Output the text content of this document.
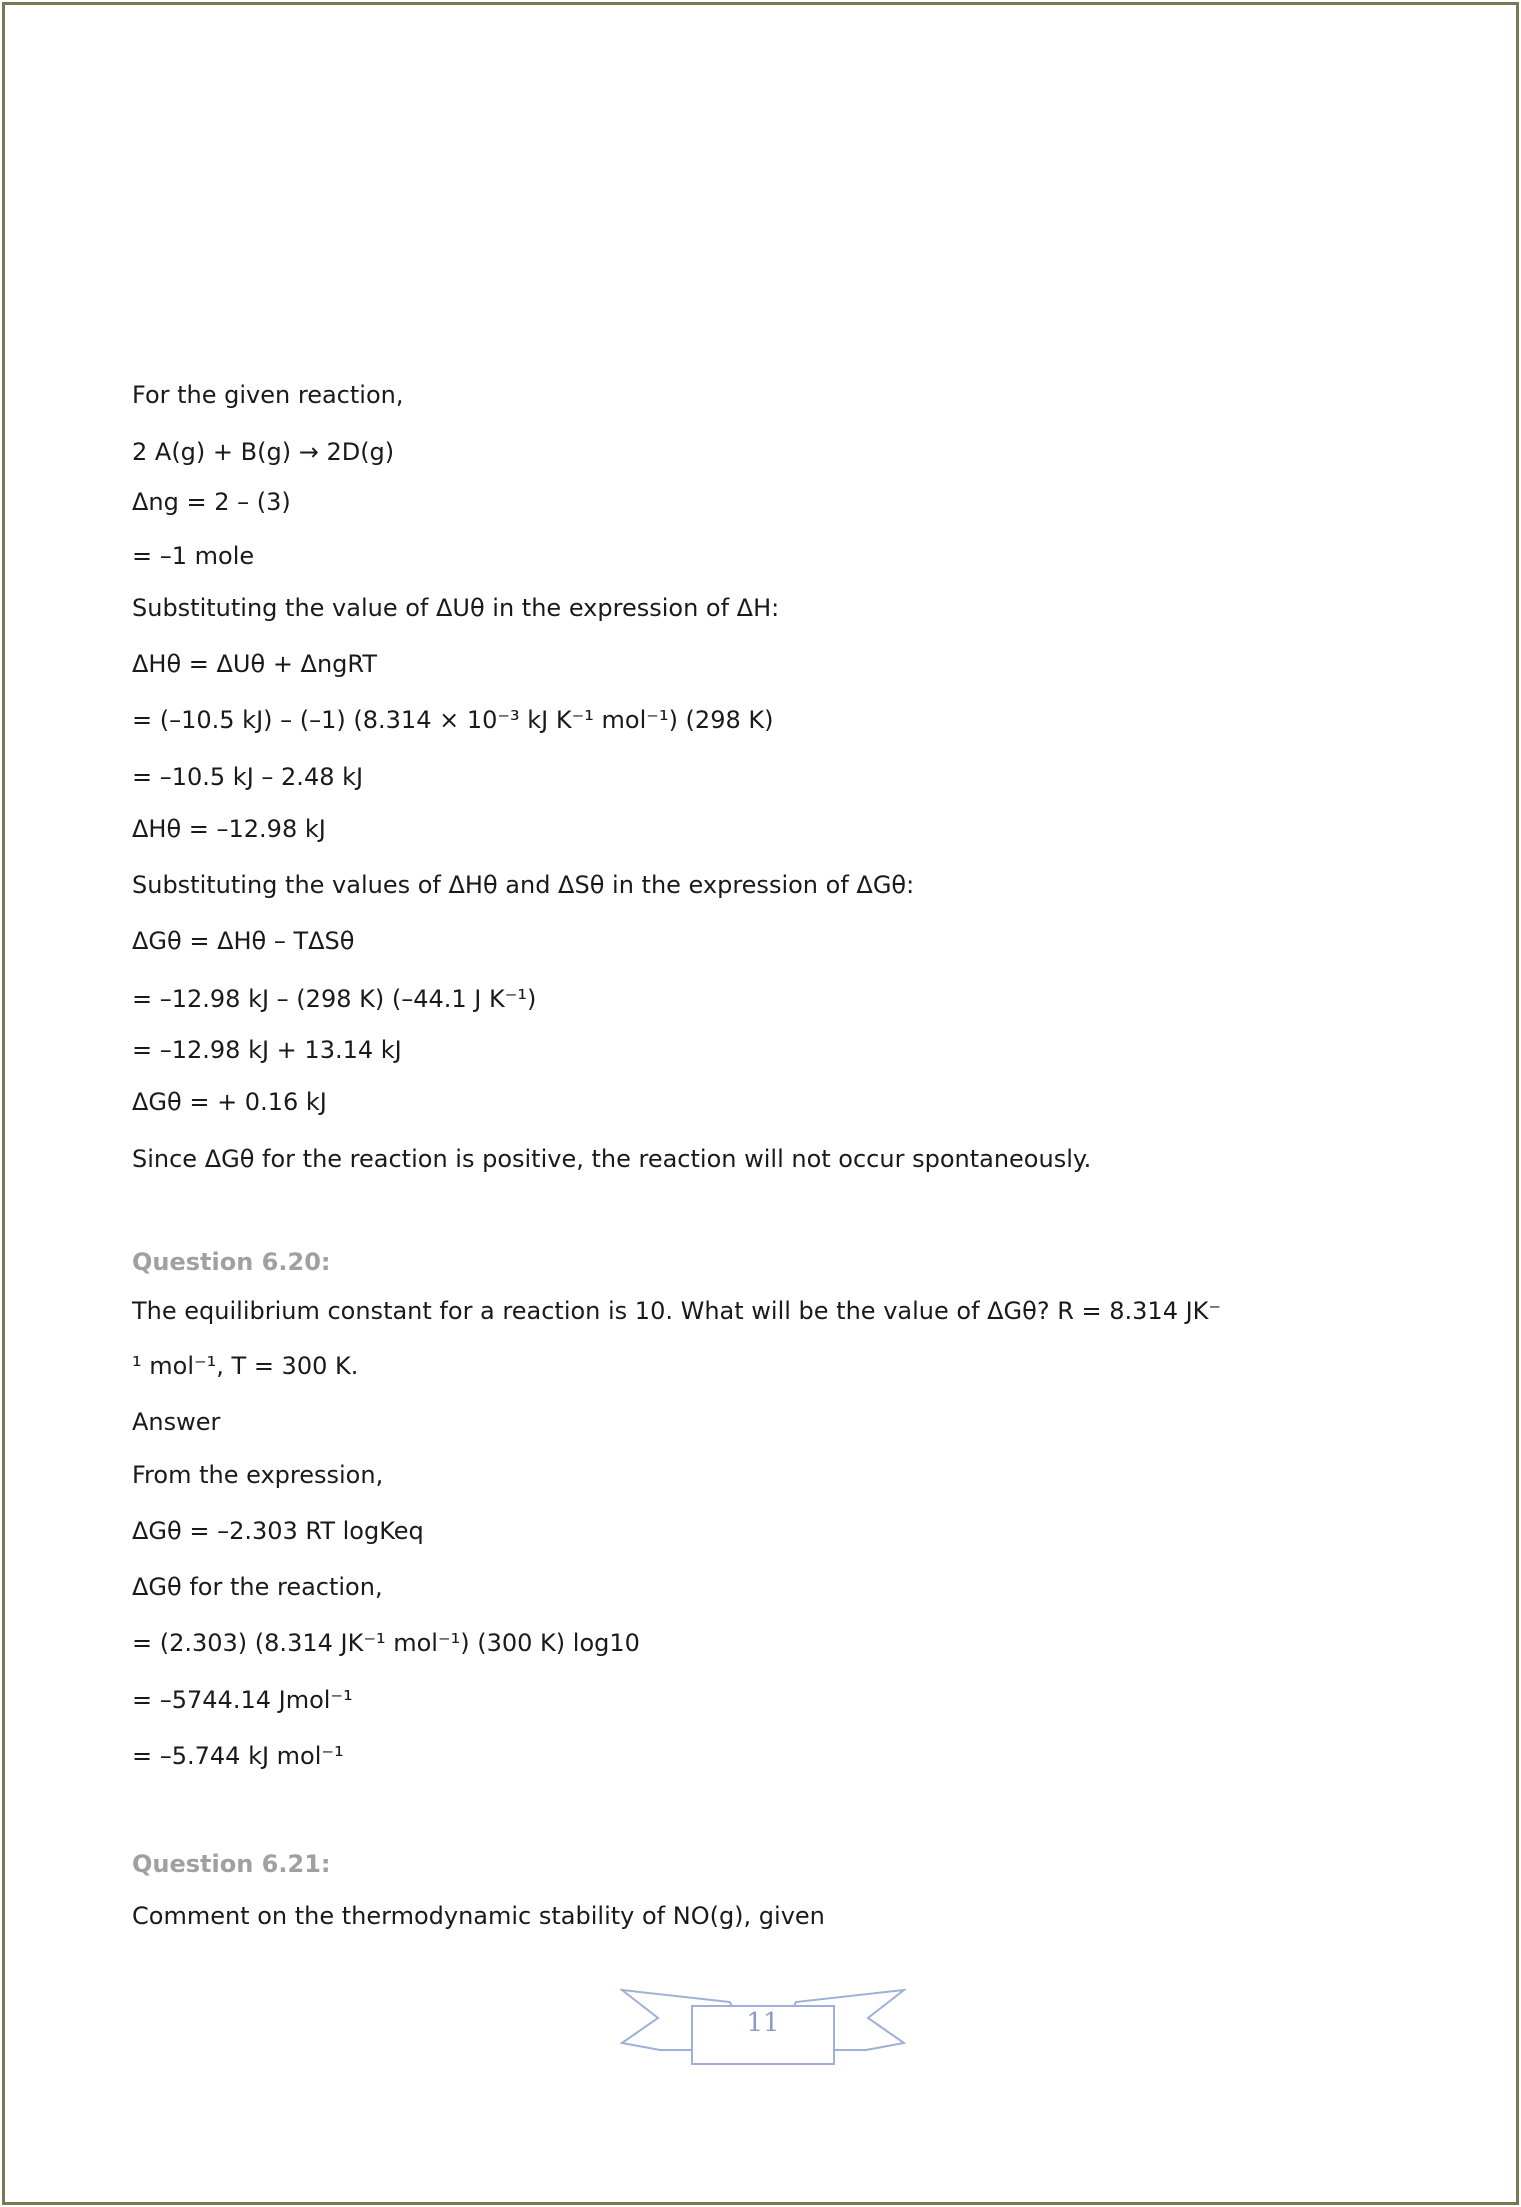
For the given reaction,
2 A(g) + B(g) → 2D(g)
Δng = 2 – (3)
= –1 mole
Substituting the value of ΔUθ in the expression of ΔH:
ΔHθ = ΔUθ + ΔngRT
= (–10.5 kJ) – (–1) (8.314 × 10⁻³ kJ K⁻¹ mol⁻¹) (298 K)
= –10.5 kJ – 2.48 kJ
ΔHθ = –12.98 kJ
Substituting the values of ΔHθ and ΔSθ in the expression of ΔGθ:
ΔGθ = ΔHθ – TΔSθ
= –12.98 kJ – (298 K) (–44.1 J K⁻¹)
= –12.98 kJ + 13.14 kJ
ΔGθ = + 0.16 kJ
Since ΔGθ for the reaction is positive, the reaction will not occur spontaneously.
Question 6.20:
The equilibrium constant for a reaction is 10. What will be the value of ΔGθ? R = 8.314 JK⁻
¹ mol⁻¹, T = 300 K.
Answer
From the expression,
ΔGθ = –2.303 RT logKeq
ΔGθ for the reaction,
= (2.303) (8.314 JK⁻¹ mol⁻¹) (300 K) log10
= –5744.14 Jmol⁻¹
= –5.744 kJ mol⁻¹
Question 6.21:
Comment on the thermodynamic stability of NO(g), given
11
